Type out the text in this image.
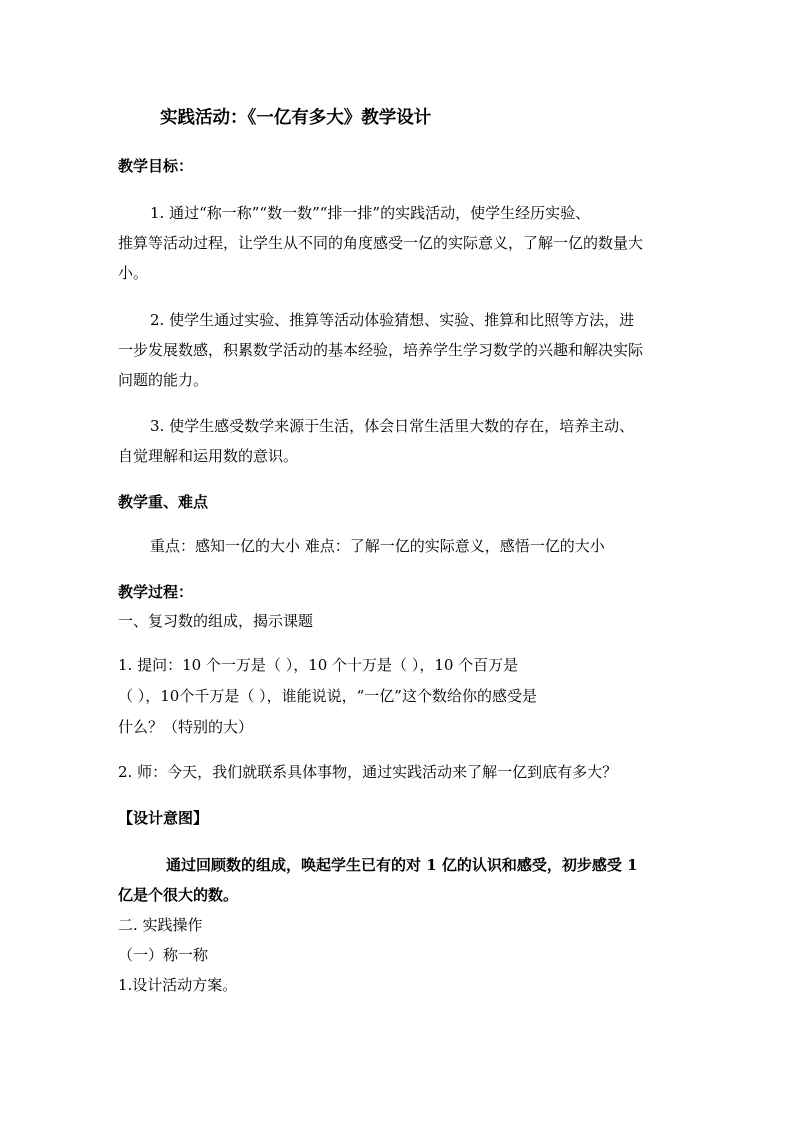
实践活动：《一亿有多大》教学设计
教学目标：
1. 通过“称一称”“数一数”“排一排”的实践活动，使学生经历实验、
推算等活动过程，让学生从不同的角度感受一亿的实际意义，了解一亿的数量大
小。
2. 使学生通过实验、推算等活动体验猜想、实验、推算和比照等方法，进
一步发展数感，积累数学活动的基本经验，培养学生学习数学的兴趣和解决实际
问题的能力。
3. 使学生感受数学来源于生活，体会日常生活里大数的存在，培养主动、
自觉理解和运用数的意识。
教学重、难点
重点：感知一亿的大小 难点：了解一亿的实际意义，感悟一亿的大小
教学过程：
一、复习数的组成，揭示课题
1. 提问：10 个一万是（ ），10 个十万是（ ），10 个百万是
（ ），10个千万是（ ），谁能说说，“一亿”这个数给你的感受是
什么？（特别的大）
2. 师：今天，我们就联系具体事物，通过实践活动来了解一亿到底有多大？
【设计意图】
通过回顾数的组成，唤起学生已有的对 1 亿的认识和感受，初步感受 1
亿是个很大的数。
二. 实践操作
（一）称一称
1.设计活动方案。
